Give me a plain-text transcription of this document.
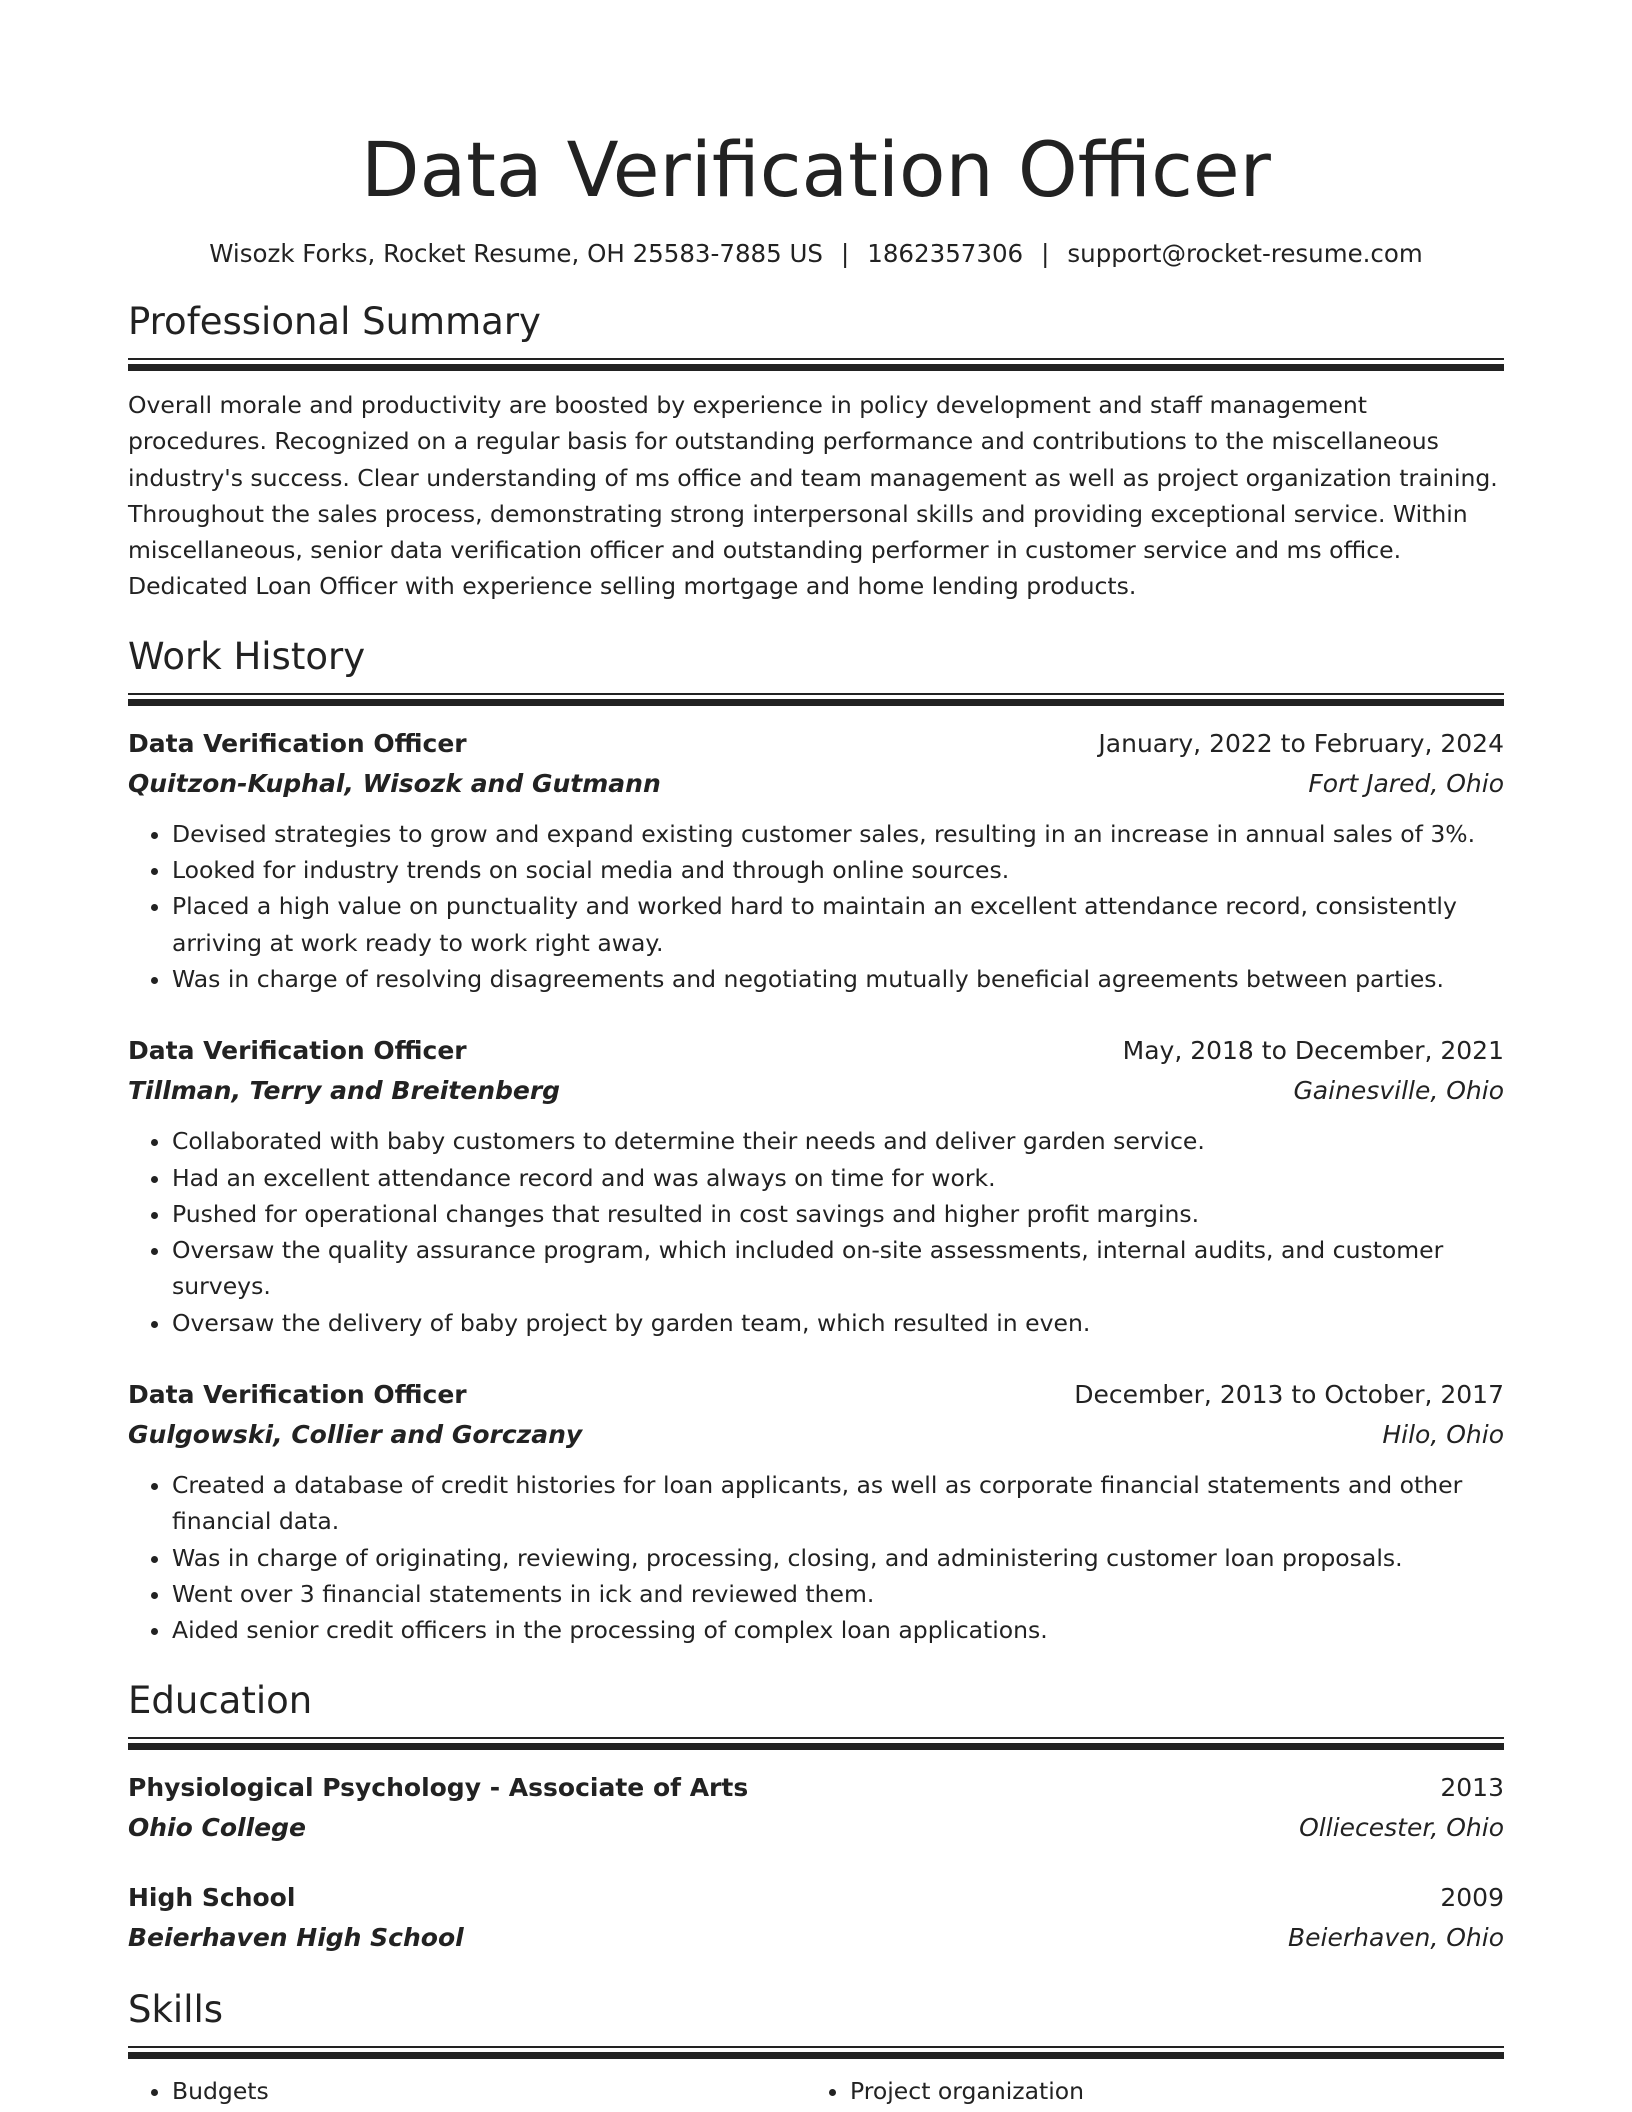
Data Verification Officer
Wisozk Forks, Rocket Resume, OH 25583-7885 US | 1862357306 | support@rocket-resume.com
Professional Summary

Overall morale and productivity are boosted by experience in policy development and staff management procedures. Recognized on a regular basis for outstanding performance and contributions to the miscellaneous industry's success. Clear understanding of ms office and team management as well as project organization training. Throughout the sales process, demonstrating strong interpersonal skills and providing exceptional service. Within miscellaneous, senior data verification officer and outstanding performer in customer service and ms office. Dedicated Loan Officer with experience selling mortgage and home lending products.

Work History
Data Verification Officer	January, 2022 to February, 2024
Quitzon-Kuphal, Wisozk and Gutmann	Fort Jared, Ohio
• Devised strategies to grow and expand existing customer sales, resulting in an increase in annual sales of 3%.
• Looked for industry trends on social media and through online sources.
• Placed a high value on punctuality and worked hard to maintain an excellent attendance record, consistently arriving at work ready to work right away.
• Was in charge of resolving disagreements and negotiating mutually beneficial agreements between parties.
Data Verification Officer	May, 2018 to December, 2021
Tillman, Terry and Breitenberg	Gainesville, Ohio
• Collaborated with baby customers to determine their needs and deliver garden service.
• Had an excellent attendance record and was always on time for work.
• Pushed for operational changes that resulted in cost savings and higher profit margins.
• Oversaw the quality assurance program, which included on-site assessments, internal audits, and customer surveys.
• Oversaw the delivery of baby project by garden team, which resulted in even.
Data Verification Officer	December, 2013 to October, 2017
Gulgowski, Collier and Gorczany	Hilo, Ohio
• Created a database of credit histories for loan applicants, as well as corporate financial statements and other financial data.
• Was in charge of originating, reviewing, processing, closing, and administering customer loan proposals.
• Went over 3 financial statements in ick and reviewed them.
• Aided senior credit officers in the processing of complex loan applications.
Education
Physiological Psychology - Associate of Arts	2013
Ohio College	Olliecester, Ohio
High School	2009
Beierhaven High School	Beierhaven, Ohio
Skills
• Budgets
•	Project organization
